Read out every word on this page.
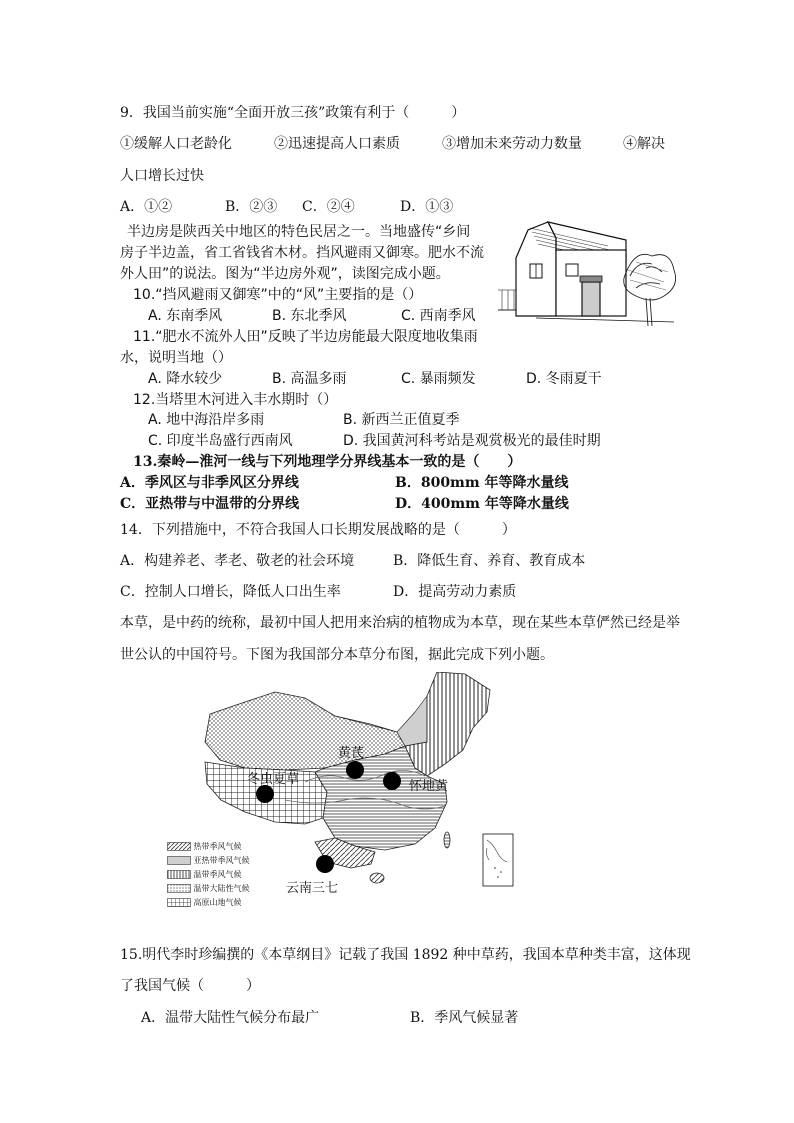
9．我国当前实施“全面开放三孩”政策有利于（　　　）
①缓解人口老龄化	②迅速提高人口素质	③增加未来劳动力数量	④解决
人口增长过快
A．①②	B．②③ C．②④	D．①③
半边房是陕西关中地区的特色民居之一。当地盛传“乡间
房子半边盖，省工省钱省木材。挡风避雨又御寒。肥水不流
外人田”的说法。图为“半边房外观”，读图完成小题。
10.“挡风避雨又御寒”中的“风”主要指的是（）
A. 东南季风	B. 东北季风	C. 西南季风
11.“肥水不流外人田”反映了半边房能最大限度地收集雨
水，说明当地（）
A. 降水较少	B. 高温多雨	C. 暴雨频发	D. 冬雨夏干
12.当塔里木河进入丰水期时（）
A. 地中海沿岸多雨	B. 新西兰正值夏季
C. 印度半岛盛行西南风	D. 我国黄河科考站是观赏极光的最佳时期
13.秦岭—淮河一线与下列地理学分界线基本一致的是（　　）
A．季风区与非季风区分界线	B．800mm 年等降水量线
C．亚热带与中温带的分界线	D．400mm 年等降水量线
14．下列措施中，不符合我国人口长期发展战略的是（　　　）
A．构建养老、孝老、敬老的社会环境	B．降低生育、养育、教育成本
C．控制人口增长，降低人口出生率	D．提高劳动力素质
本草，是中药的统称，最初中国人把用来治病的植物成为本草，现在某些本草俨然已经是举
世公认的中国符号。下图为我国部分本草分布图，据此完成下列小题。
黄芪
怀地黄
冬虫夏草
云南三七
热带季风气候
亚热带季风气候
温带季风气候
温带大陆性气候
高原山地气候
15.明代李时珍编撰的《本草纲目》记载了我国 1892 种中草药，我国本草种类丰富，这体现
了我国气候（　　　）
A．温带大陆性气候分布最广	B．季风气候显著
